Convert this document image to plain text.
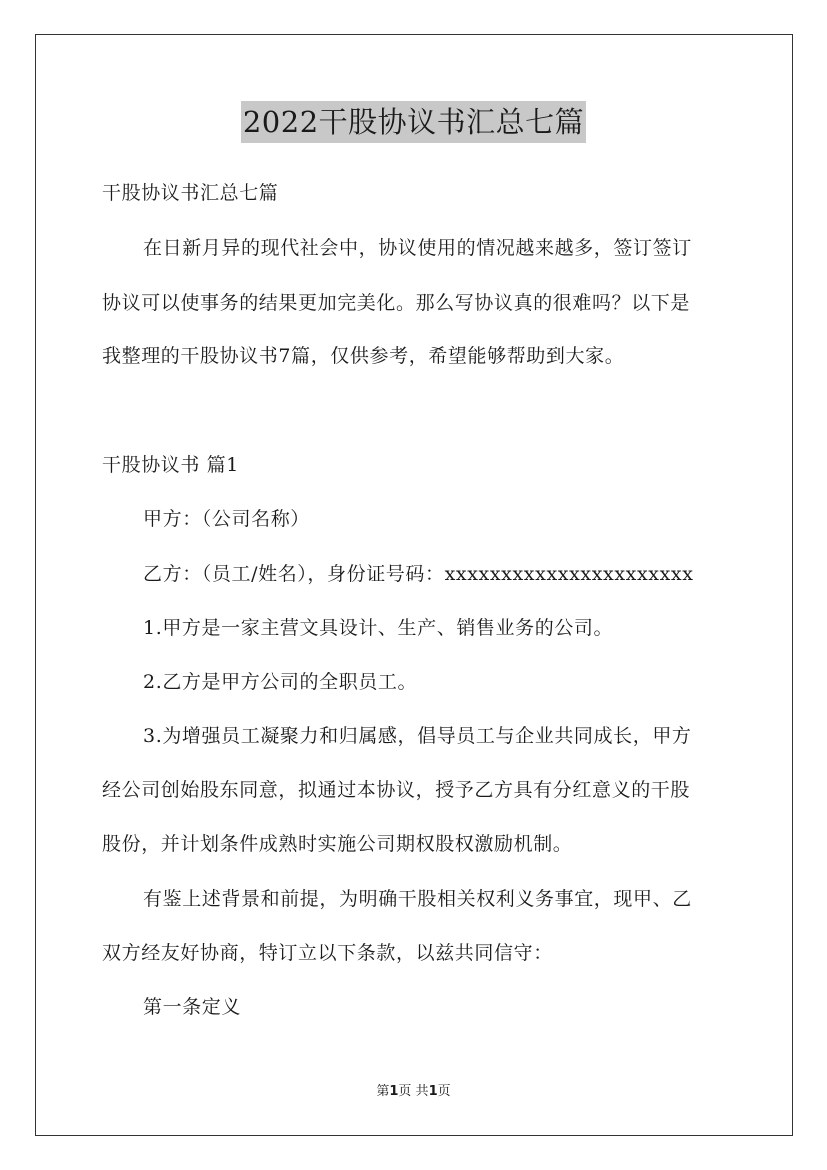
2022干股协议书汇总七篇
干股协议书汇总七篇
在日新月异的现代社会中，协议使用的情况越来越多，签订签订
协议可以使事务的结果更加完美化。那么写协议真的很难吗？以下是
我整理的干股协议书7篇，仅供参考，希望能够帮助到大家。
干股协议书 篇1
甲方：（公司名称）
乙方：（员工/姓名），身份证号码：xxxxxxxxxxxxxxxxxxxxxx
1.甲方是一家主营文具设计、生产、销售业务的公司。
2.乙方是甲方公司的全职员工。
3.为增强员工凝聚力和归属感，倡导员工与企业共同成长，甲方
经公司创始股东同意，拟通过本协议，授予乙方具有分红意义的干股
股份，并计划条件成熟时实施公司期权股权激励机制。
有鉴上述背景和前提，为明确干股相关权利义务事宜，现甲、乙
双方经友好协商，特订立以下条款，以兹共同信守：
第一条定义
第1页 共1页
